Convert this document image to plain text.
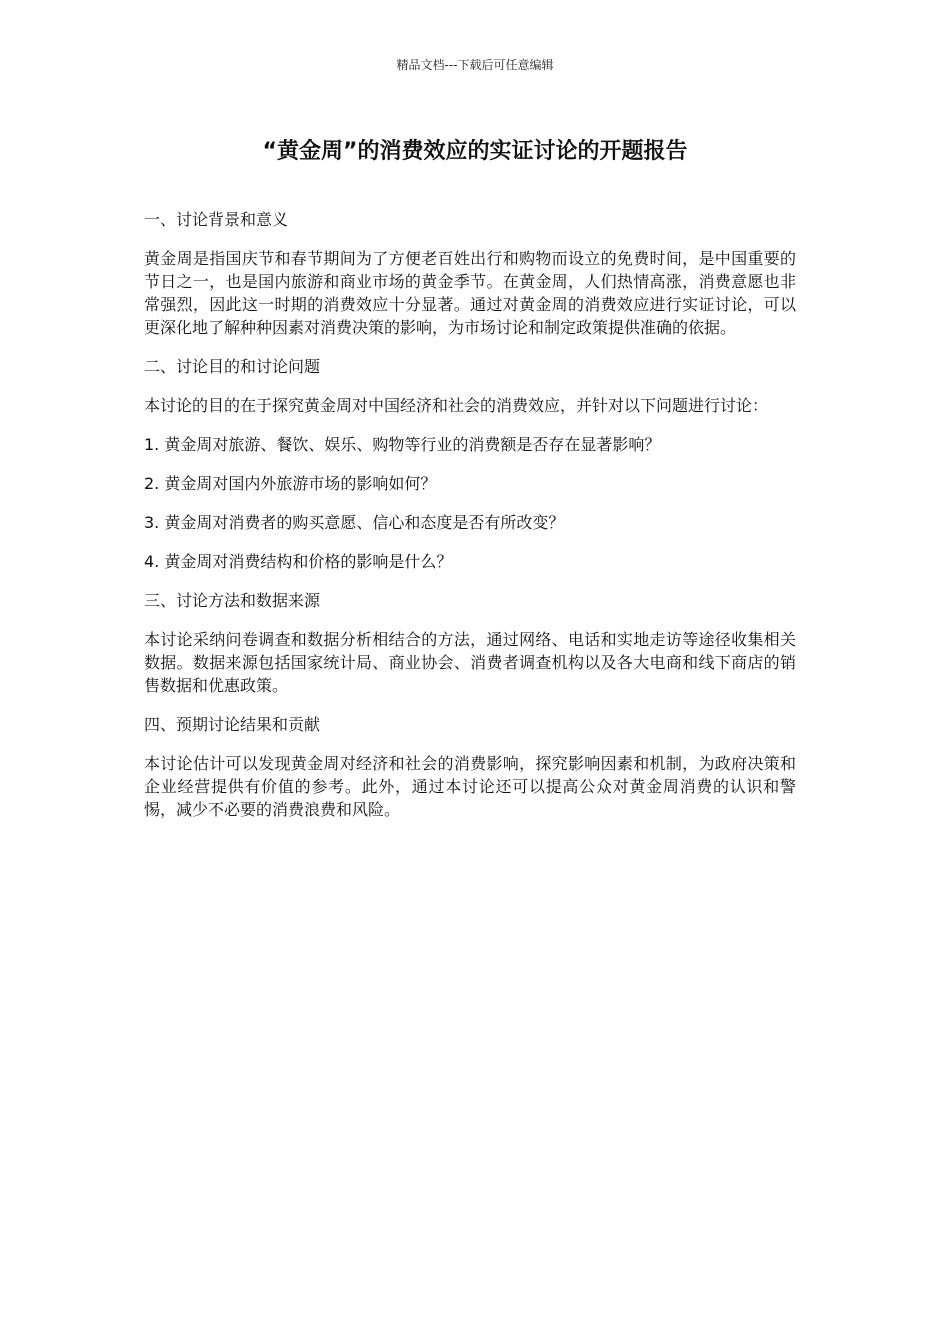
精品文档---下载后可任意编辑
“黄金周”的消费效应的实证讨论的开题报告

一、讨论背景和意义

黄金周是指国庆节和春节期间为了方便老百姓出行和购物而设立的免费时间，是中国重要的节日之一，也是国内旅游和商业市场的黄金季节。在黄金周，人们热情高涨，消费意愿也非常强烈，因此这一时期的消费效应十分显著。通过对黄金周的消费效应进行实证讨论，可以更深化地了解种种因素对消费决策的影响，为市场讨论和制定政策提供准确的依据。

二、讨论目的和讨论问题

本讨论的目的在于探究黄金周对中国经济和社会的消费效应，并针对以下问题进行讨论：

1. 黄金周对旅游、餐饮、娱乐、购物等行业的消费额是否存在显著影响？

2. 黄金周对国内外旅游市场的影响如何？

3. 黄金周对消费者的购买意愿、信心和态度是否有所改变？

4. 黄金周对消费结构和价格的影响是什么？

三、讨论方法和数据来源

本讨论采纳问卷调查和数据分析相结合的方法，通过网络、电话和实地走访等途径收集相关数据。数据来源包括国家统计局、商业协会、消费者调查机构以及各大电商和线下商店的销售数据和优惠政策。

四、预期讨论结果和贡献

本讨论估计可以发现黄金周对经济和社会的消费影响，探究影响因素和机制，为政府决策和企业经营提供有价值的参考。此外，通过本讨论还可以提高公众对黄金周消费的认识和警惕，减少不必要的消费浪费和风险。
